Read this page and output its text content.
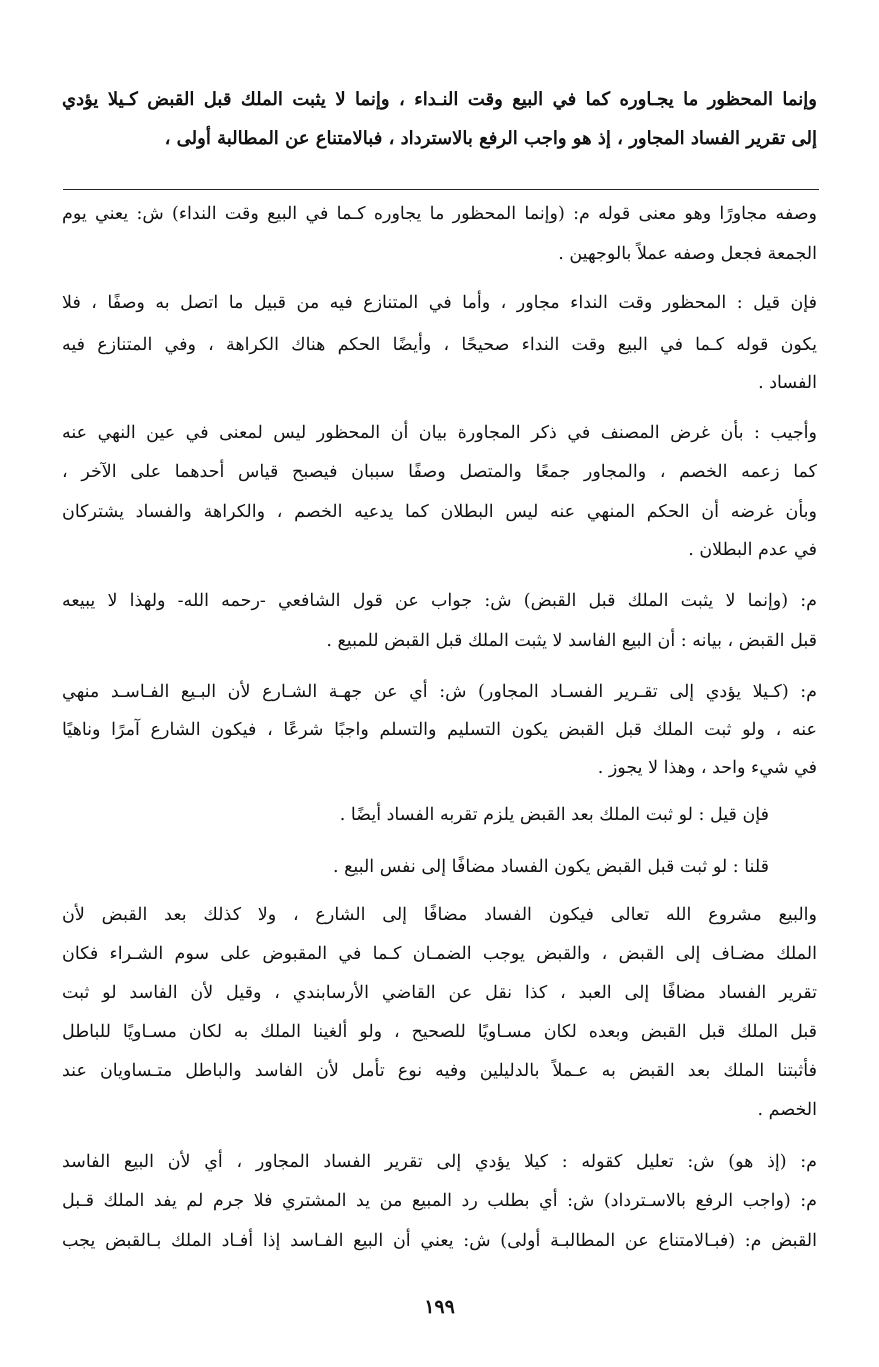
وإنما المحظور ما يجـاوره كما في البيع وقت النـداء ، وإنما لا يثبت الملك قبل القبض كـيلا يؤدي
إلى تقرير الفساد المجاور ، إذ هو واجب الرفع بالاسترداد ، فبالامتناع عن المطالبة أولى ،
وصفه مجاورًا وهو معنى قوله م: (وإنما المحظور ما يجاوره كـما في البيع وقت النداء) ش: يعني يوم
الجمعة فجعل وصفه عملاً بالوجهين .
فإن قيل : المحظور وقت النداء مجاور ، وأما في المتنازع فيه من قبيل ما اتصل به وصفًا ، فلا
يكون قوله كـما في البيع وقت النداء صحيحًا ، وأيضًا الحكم هناك الكراهة ، وفي المتنازع فيه
الفساد .
وأجيب : بأن غرض المصنف في ذكر المجاورة بيان أن المحظور ليس لمعنى في عين النهي عنه
كما زعمه الخصم ، والمجاور جمعًا والمتصل وصفًا سببان فيصبح قياس أحدهما على الآخر ،
وبأن غرضه أن الحكم المنهي عنه ليس البطلان كما يدعيه الخصم ، والكراهة والفساد يشتركان
في عدم البطلان .
م: (وإنما لا يثبت الملك قبل القبض) ش: جواب عن قول الشافعي -رحمه الله- ولهذا لا يبيعه
قبل القبض ، بيانه : أن البيع الفاسد لا يثبت الملك قبل القبض للمبيع .
م: (كـيلا يؤدي إلى تقـرير الفسـاد المجاور) ش: أي عن جهـة الشـارع لأن البـيع الفـاسـد منهي
عنه ، ولو ثبت الملك قبل القبض يكون التسليم والتسلم واجبًا شرعًا ، فيكون الشارع آمرًا وناهيًا
في شيء واحد ، وهذا لا يجوز .
فإن قيل : لو ثبت الملك بعد القبض يلزم تقربه الفساد أيضًا .
قلنا : لو ثبت قبل القبض يكون الفساد مضافًا إلى نفس البيع .
والبيع مشروع الله تعالى فيكون الفساد مضافًا إلى الشارع ، ولا كذلك بعد القبض لأن
الملك مضـاف إلى القبض ، والقبض يوجب الضمـان كـما في المقبوض على سوم الشـراء فكان
تقرير الفساد مضافًا إلى العبد ، كذا نقل عن القاضي الأرسابندي ، وقيل لأن الفاسد لو ثبت
قبل الملك قبل القبض وبعده لكان مسـاويًا للصحيح ، ولو ألغينا الملك به لكان مسـاويًا للباطل
فأثبتنا الملك بعد القبض به عـملاً بالدليلين وفيه نوع تأمل لأن الفاسد والباطل متـساويان عند
الخصم .
م: (إذ هو) ش: تعليل كقوله : كيلا يؤدي إلى تقرير الفساد المجاور ، أي لأن البيع الفاسد
م: (واجب الرفع بالاسـترداد) ش: أي بطلب رد المبيع من يد المشتري فلا جرم لم يفد الملك قـبل
القبض م: (فبـالامتناع عن المطالبـة أولى) ش: يعني أن البيع الفـاسد إذا أفـاد الملك بـالقبض يجب
١٩٩
